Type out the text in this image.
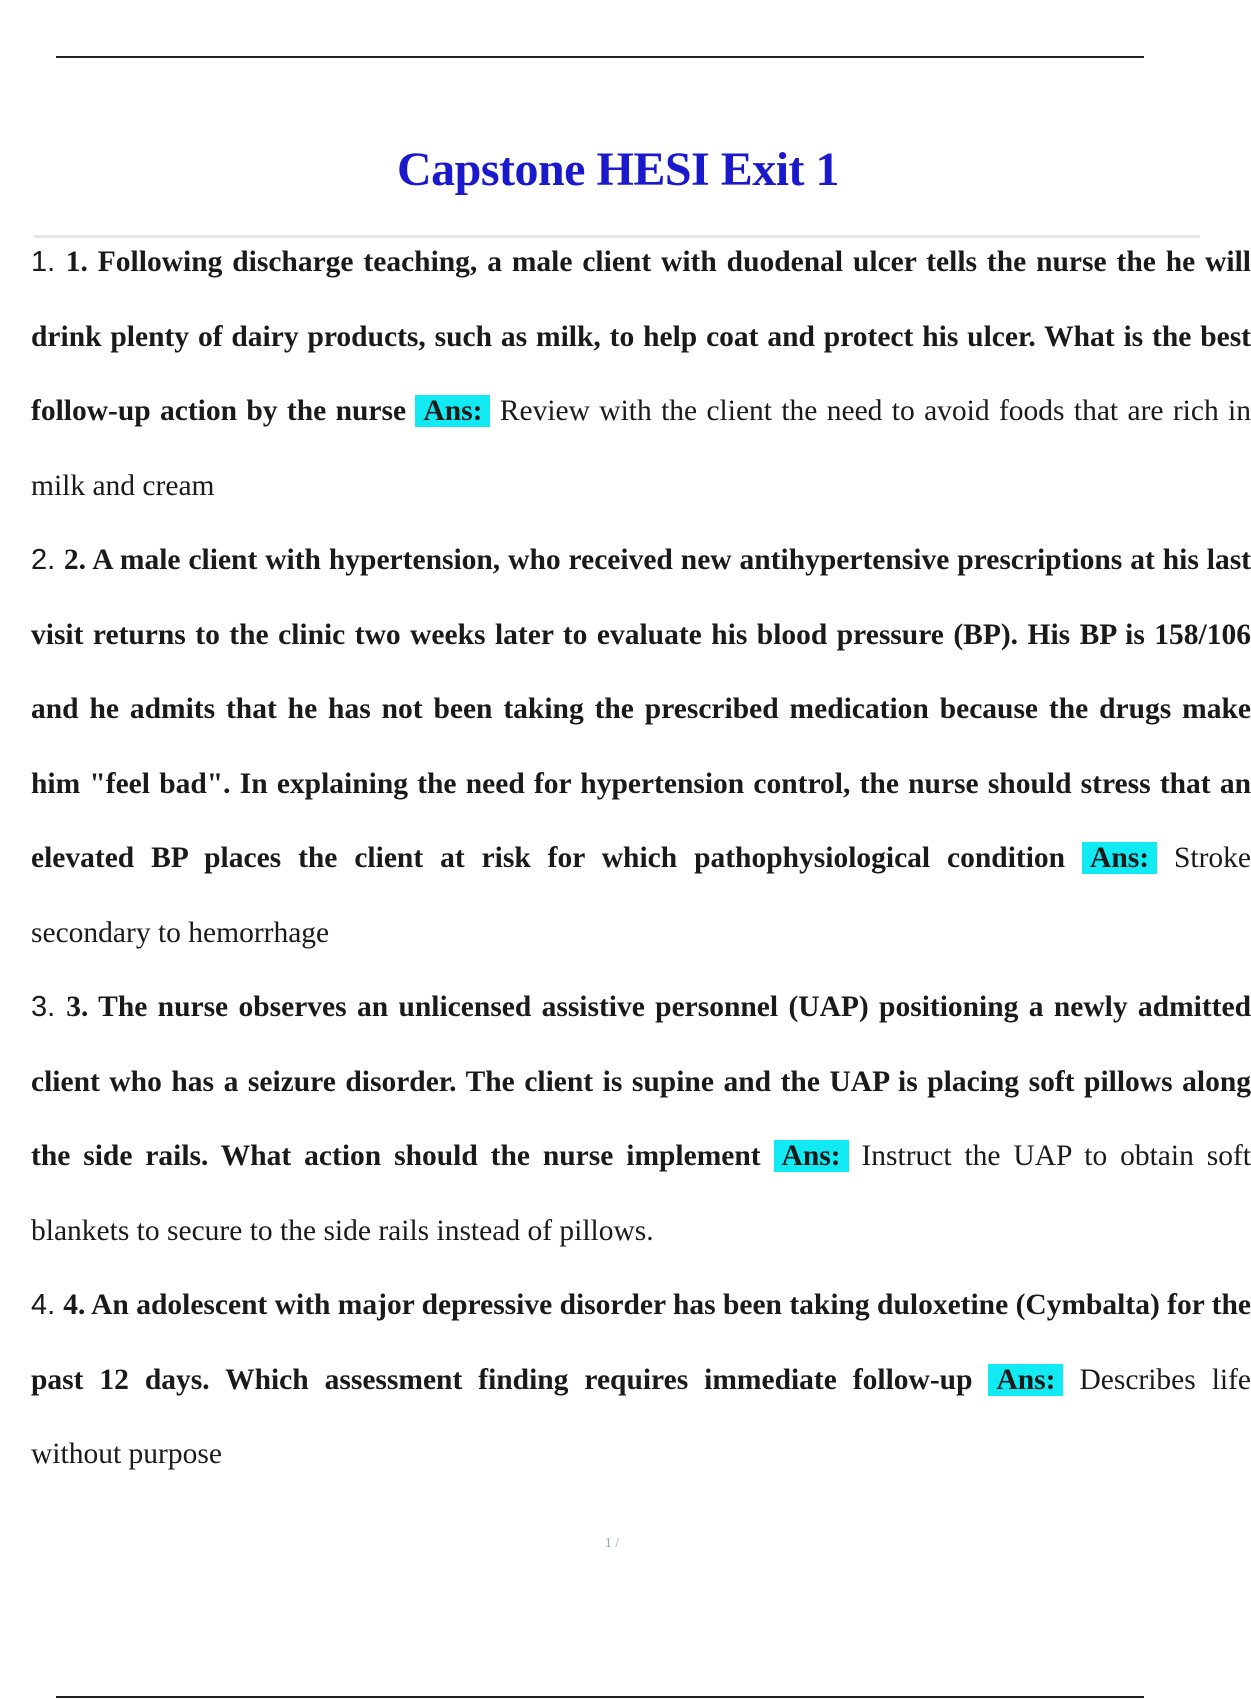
Capstone HESI Exit 1

1. 1. Following discharge teaching, a male client with duodenal ulcer tells the nurse the he will drink plenty of dairy products, such as milk, to help coat and protect his ulcer. What is the best follow-up action by the nurse Ans: Review with the client the need to avoid foods that are rich in milk and cream

2. 2. A male client with hypertension, who received new antihypertensive prescriptions at his last visit returns to the clinic two weeks later to evaluate his blood pressure (BP). His BP is 158/106 and he admits that he has not been taking the prescribed medication because the drugs make him "feel bad". In explaining the need for hypertension control, the nurse should stress that an elevated BP places the client at risk for which pathophysiological condition Ans: Stroke secondary to hemorrhage

3. 3. The nurse observes an unlicensed assistive personnel (UAP) positioning a newly admitted client who has a seizure disorder. The client is supine and the UAP is placing soft pillows along the side rails. What action should the nurse implement Ans: Instruct the UAP to obtain soft blankets to secure to the side rails instead of pillows.

4. 4. An adolescent with major depressive disorder has been taking duloxetine (Cymbalta) for the past 12 days. Which assessment finding requires immediate follow-up Ans: Describes life without purpose

1 /
